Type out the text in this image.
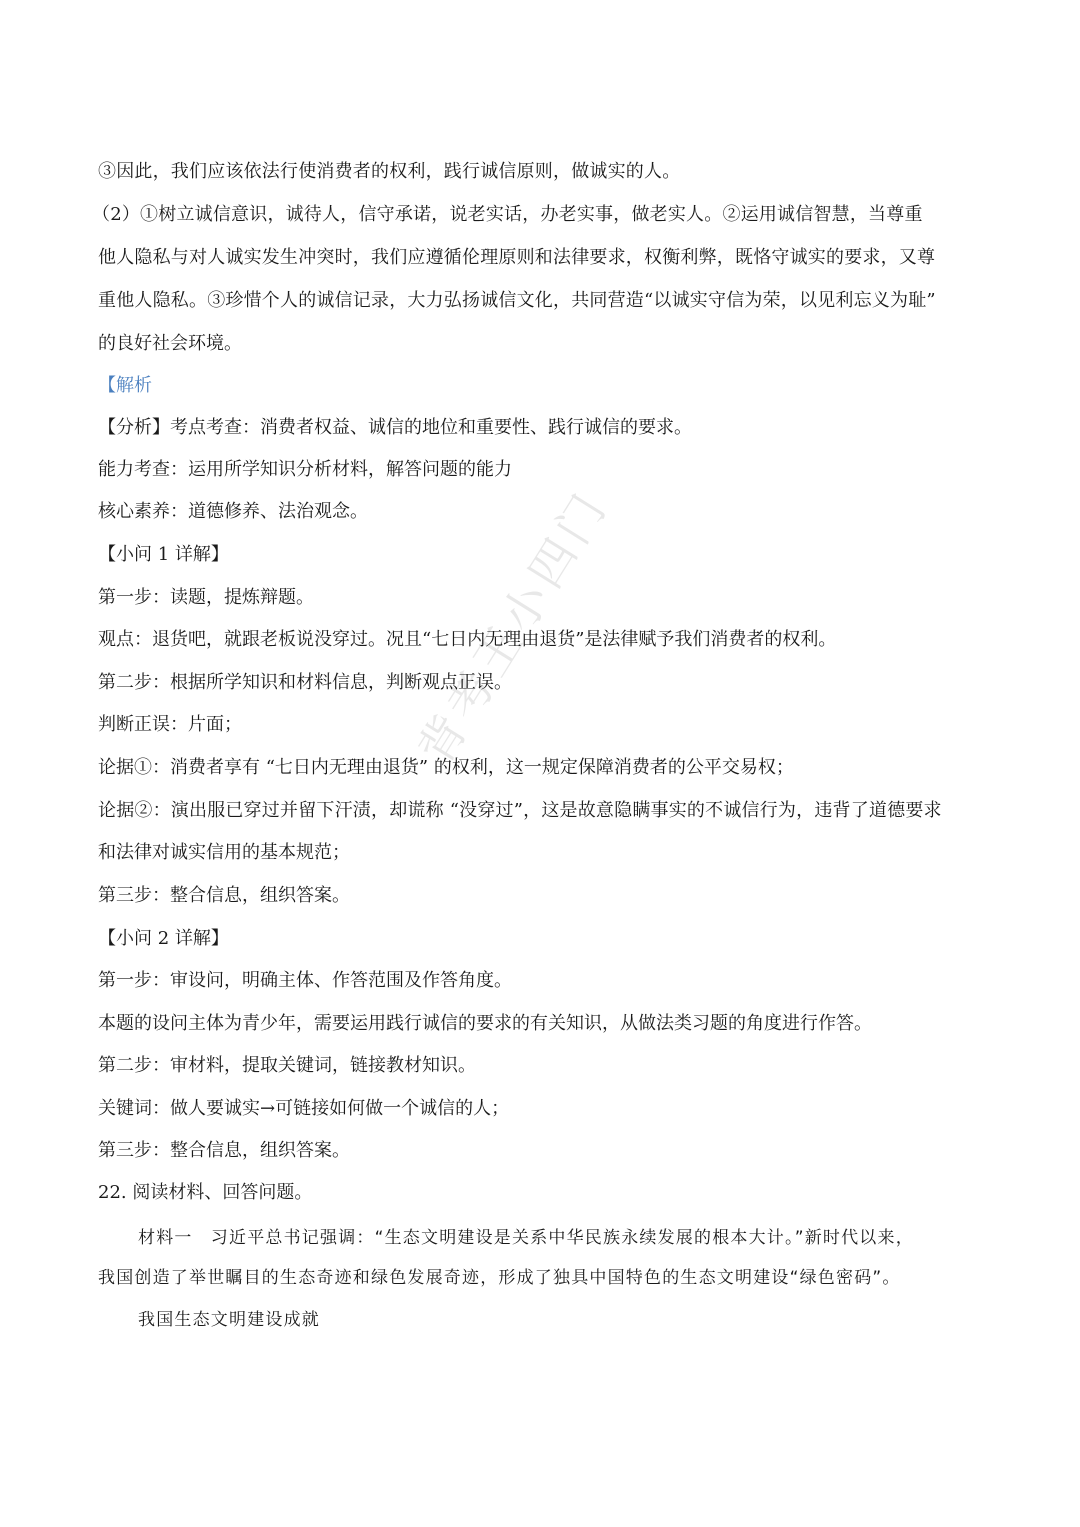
背考王小四门
③因此，我们应该依法行使消费者的权利，践行诚信原则，做诚实的人。
（2）①树立诚信意识，诚待人，信守承诺，说老实话，办老实事，做老实人。②运用诚信智慧，当尊重
他人隐私与对人诚实发生冲突时，我们应遵循伦理原则和法律要求，权衡利弊，既恪守诚实的要求，又尊
重他人隐私。③珍惜个人的诚信记录，大力弘扬诚信文化，共同营造“以诚实守信为荣，以见利忘义为耻”
的良好社会环境。
【解析
【分析】考点考查：消费者权益、诚信的地位和重要性、践行诚信的要求。
能力考查：运用所学知识分析材料，解答问题的能力
核心素养：道德修养、法治观念。
【小问 1 详解】
第一步：读题，提炼辩题。
观点：退货吧，就跟老板说没穿过。况且“七日内无理由退货”是法律赋予我们消费者的权利。
第二步：根据所学知识和材料信息，判断观点正误。
判断正误：片面；
论据①：消费者享有 “七日内无理由退货” 的权利，这一规定保障消费者的公平交易权；
论据②：演出服已穿过并留下汗渍，却谎称 “没穿过”，这是故意隐瞒事实的不诚信行为，违背了道德要求
和法律对诚实信用的基本规范；
第三步：整合信息，组织答案。
【小问 2 详解】
第一步：审设问，明确主体、作答范围及作答角度。
本题的设问主体为青少年，需要运用践行诚信的要求的有关知识，从做法类习题的角度进行作答。
第二步：审材料，提取关键词，链接教材知识。
关键词：做人要诚实→可链接如何做一个诚信的人；
第三步：整合信息，组织答案。
22. 阅读材料、回答问题。
材料一　习近平总书记强调：“生态文明建设是关系中华民族永续发展的根本大计。”新时代以来，
我国创造了举世瞩目的生态奇迹和绿色发展奇迹，形成了独具中国特色的生态文明建设“绿色密码”。
我国生态文明建设成就
